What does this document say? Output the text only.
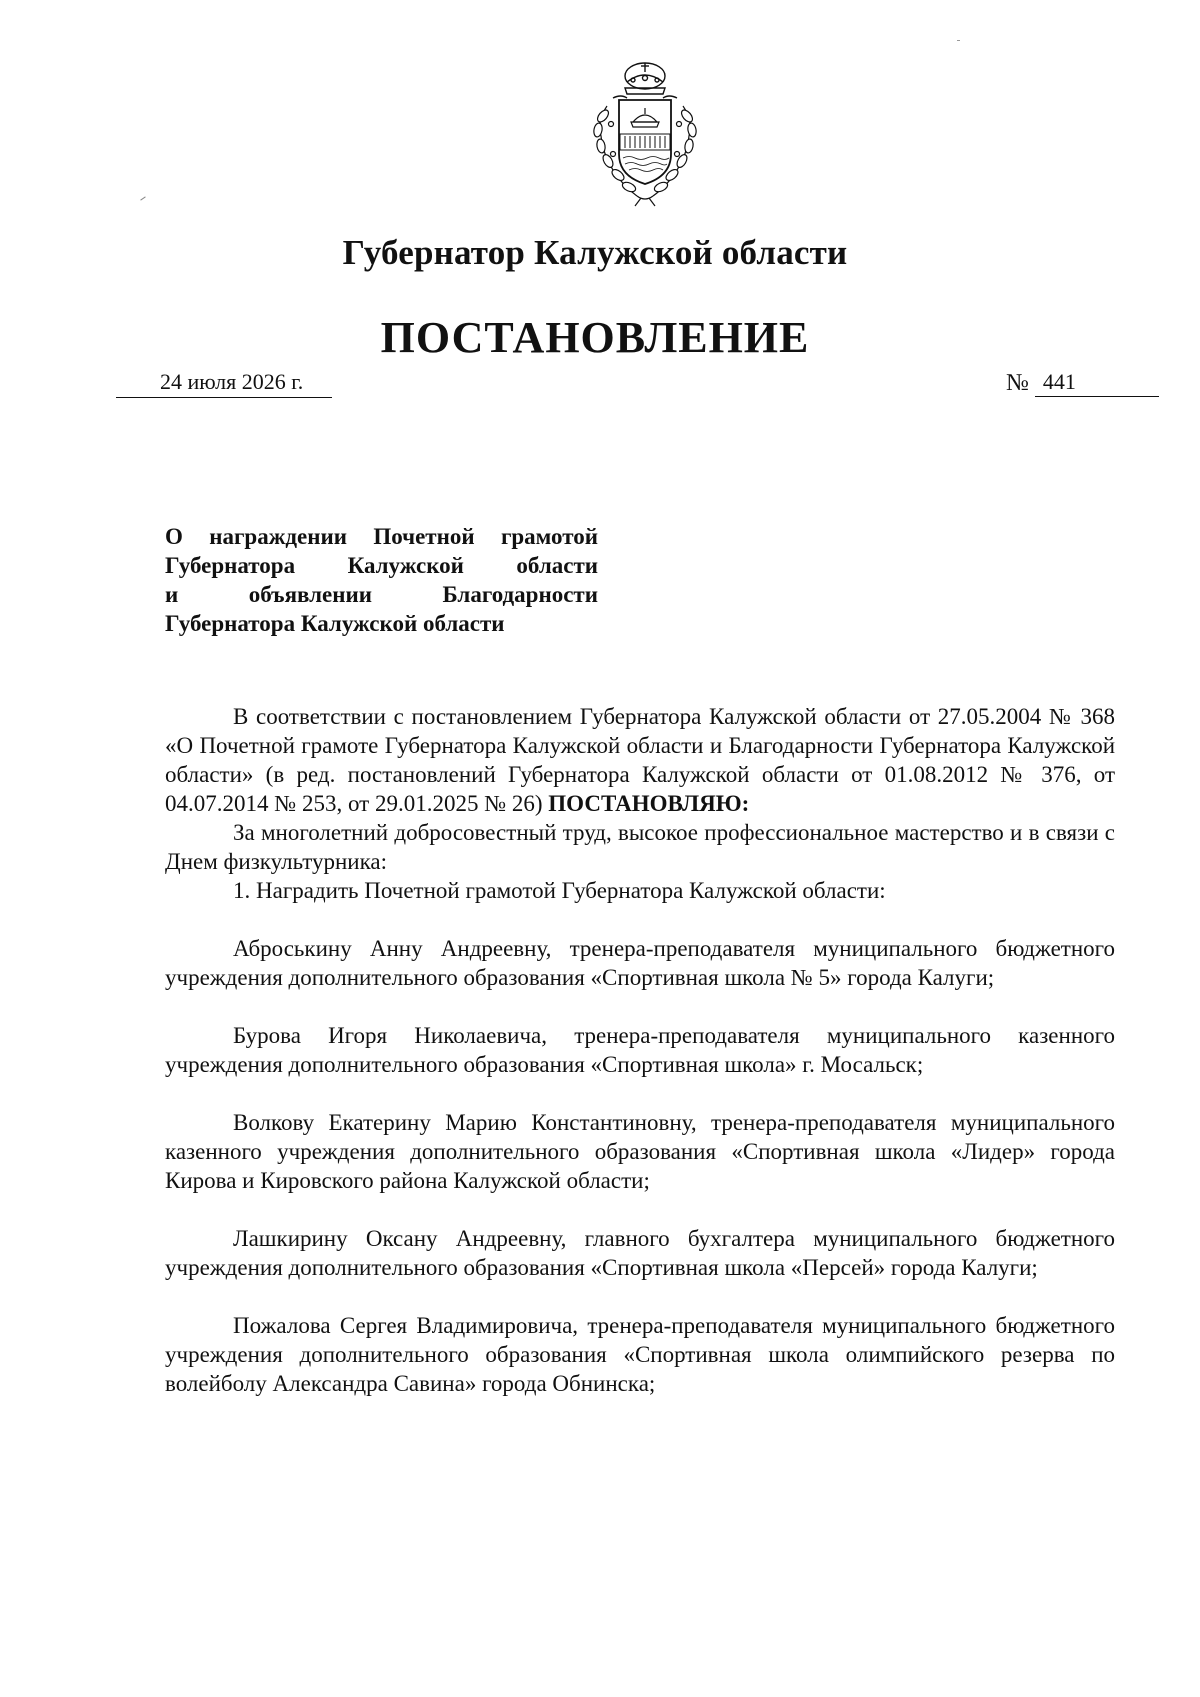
Губернатор Калужской области
ПОСТАНОВЛЕНИЕ
24 июля 2026 г.	№ 441
О награждении Почетной грамотой
Губернатора Калужской области
и объявлении Благодарности
Губернатора Калужской области

В соответствии с постановлением Губернатора Калужской области от 27.05.2004 № 368 «О Почетной грамоте Губернатора Калужской области и Благодарности Губернатора Калужской области» (в ред. постановлений Губернатора Калужской области от 01.08.2012 № 376, от 04.07.2014 № 253, от 29.01.2025 № 26) ПОСТАНОВЛЯЮ:

За многолетний добросовестный труд, высокое профессиональное мастерство и в связи с Днем физкультурника:

1. Наградить Почетной грамотой Губернатора Калужской области:

Аброськину Анну Андреевну, тренера-преподавателя муниципального бюджетного учреждения дополнительного образования «Спортивная школа № 5» города Калуги;

Бурова Игоря Николаевича, тренера-преподавателя муниципального казенного учреждения дополнительного образования «Спортивная школа» г. Мосальск;

Волкову Екатерину Марию Константиновну, тренера-преподавателя муниципального казенного учреждения дополнительного образования «Спортивная школа «Лидер» города Кирова и Кировского района Калужской области;

Лашкирину Оксану Андреевну, главного бухгалтера муниципального бюджетного учреждения дополнительного образования «Спортивная школа «Персей» города Калуги;

Пожалова Сергея Владимировича, тренера-преподавателя муниципального бюджетного учреждения дополнительного образования «Спортивная школа олимпийского резерва по волейболу Александра Савина» города Обнинска;
